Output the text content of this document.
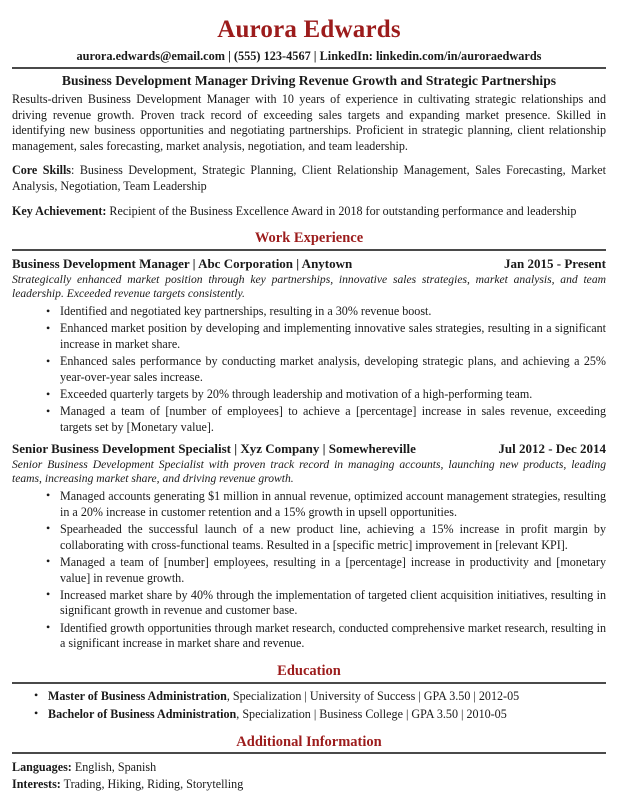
Aurora Edwards
aurora.edwards@email.com | (555) 123-4567 | LinkedIn: linkedin.com/in/auroraedwards
Business Development Manager Driving Revenue Growth and Strategic Partnerships

Results-driven Business Development Manager with 10 years of experience in cultivating strategic relationships and driving revenue growth. Proven track record of exceeding sales targets and expanding market presence. Skilled in identifying new business opportunities and negotiating partnerships. Proficient in strategic planning, client relationship management, sales forecasting, market analysis, negotiation, and team leadership.

Core Skills: Business Development, Strategic Planning, Client Relationship Management, Sales Forecasting, Market Analysis, Negotiation, Team Leadership

Key Achievement: Recipient of the Business Excellence Award in 2018 for outstanding performance and leadership

Work Experience
Business Development Manager | Abc Corporation | Anytown	Jan 2015 - Present
Strategically enhanced market position through key partnerships, innovative sales strategies, market analysis, and team leadership. Exceeded revenue targets consistently.
• Identified and negotiated key partnerships, resulting in a 30% revenue boost.
• Enhanced market position by developing and implementing innovative sales strategies, resulting in a significant increase in market share.
• Enhanced sales performance by conducting market analysis, developing strategic plans, and achieving a 25% year-over-year sales increase.
• Exceeded quarterly targets by 20% through leadership and motivation of a high-performing team.
• Managed a team of [number of employees] to achieve a [percentage] increase in sales revenue, exceeding targets set by [Monetary value].
Senior Business Development Specialist | Xyz Company | Somewhereville	Jul 2012 - Dec 2014
Senior Business Development Specialist with proven track record in managing accounts, launching new products, leading teams, increasing market share, and driving revenue growth.
• Managed accounts generating $1 million in annual revenue, optimized account management strategies, resulting in a 20% increase in customer retention and a 15% growth in upsell opportunities.
• Spearheaded the successful launch of a new product line, achieving a 15% increase in profit margin by collaborating with cross-functional teams. Resulted in a [specific metric] improvement in [relevant KPI].
• Managed a team of [number] employees, resulting in a [percentage] increase in productivity and [monetary value] in revenue growth.
• Increased market share by 40% through the implementation of targeted client acquisition initiatives, resulting in significant growth in revenue and customer base.
• Identified growth opportunities through market research, conducted comprehensive market research, resulting in a significant increase in market share and revenue.
Education
• Master of Business Administration, Specialization | University of Success | GPA 3.50 | 2012-05
• Bachelor of Business Administration, Specialization | Business College | GPA 3.50 | 2010-05
Additional Information
Languages: English, Spanish
Interests: Trading, Hiking, Riding, Storytelling
